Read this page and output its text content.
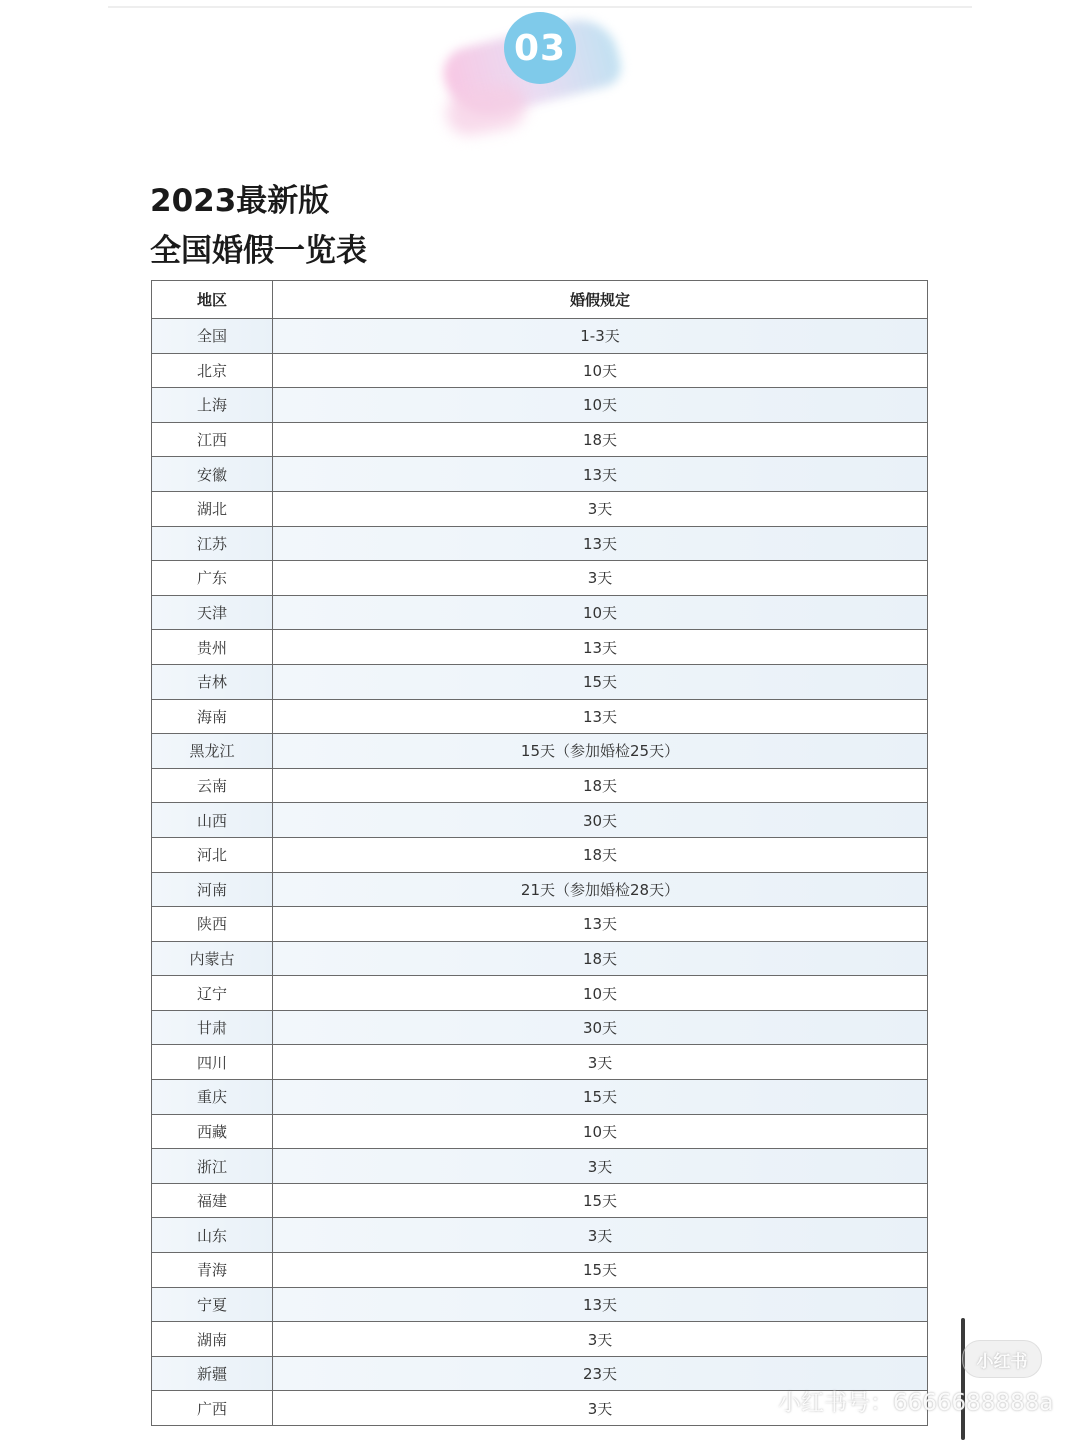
03
2023最新版
全国婚假一览表
地区	婚假规定
全国	1-3天
北京	10天
上海	10天
江西	18天
安徽	13天
湖北	3天
江苏	13天
广东	3天
天津	10天
贵州	13天
吉林	15天
海南	13天
黑龙江	15天（参加婚检25天）
云南	18天
山西	30天
河北	18天
河南	21天（参加婚检28天）
陕西	13天
内蒙古	18天
辽宁	10天
甘肃	30天
四川	3天
重庆	15天
西藏	10天
浙江	3天
福建	15天
山东	3天
青海	15天
宁夏	13天
湖南	3天
新疆	23天
广西	3天
小红书
小红书号：6666688888a
